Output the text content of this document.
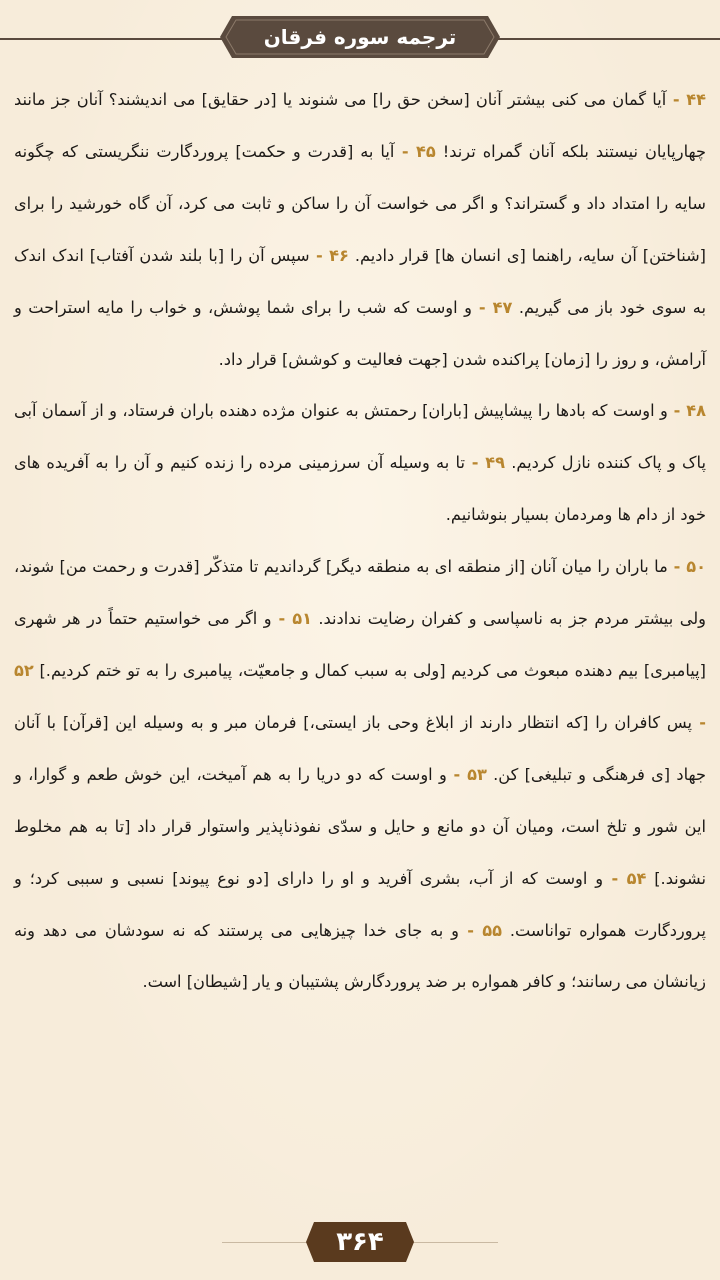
ترجمه سوره فرقان

۴۴ - آیا گمان می کنی بیشتر آنان [سخن حق را] می شنوند یا [در حقایق] می اندیشند؟ آنان جز مانند چهارپایان نیستند بلکه آنان گمراه ترند! ۴۵ - آیا به [قدرت و حکمت] پروردگارت ننگریستی که چگونه سایه را امتداد داد و گستراند؟ و اگر می خواست آن را ساکن و ثابت می کرد، آن گاه خورشید را برای [شناختن] آن سایه، راهنما [ی انسان ها] قرار دادیم. ۴۶ - سپس آن را [با بلند شدن آفتاب] اندک اندک به سوی خود باز می گیریم. ۴۷ - و اوست که شب را برای شما پوشش، و خواب را مایه استراحت و آرامش، و روز را [زمان] پراکنده شدن [جهت فعالیت و کوشش] قرار داد.

۴۸ - و اوست که بادها را پیشاپیش [باران] رحمتش به عنوان مژده دهنده باران فرستاد، و از آسمان آبی پاک و پاک کننده نازل کردیم. ۴۹ - تا به وسیله آن سرزمینی مرده را زنده کنیم و آن را به آفریده های خود از دام ها ومردمان بسیار بنوشانیم.

۵۰ - ما باران را میان آنان [از منطقه ای به منطقه دیگر] گرداندیم تا متذکّر [قدرت و رحمت من] شوند، ولی بیشتر مردم جز به ناسپاسی و کفران رضایت ندادند. ۵۱ - و اگر می خواستیم حتماً در هر شهری [پیامبری] بیم دهنده مبعوث می کردیم [ولی به سبب کمال و جامعیّت، پیامبری را به تو ختم کردیم.] ۵۲ - پس کافران را [که انتظار دارند از ابلاغ وحی باز ایستی،] فرمان مبر و به وسیله این [قرآن] با آنان جهاد [ی فرهنگی و تبلیغی] کن. ۵۳ - و اوست که دو دریا را به هم آمیخت، این خوش طعم و گوارا، و این شور و تلخ است، ومیان آن دو مانع و حایل و سدّی نفوذناپذیر واستوار قرار داد [تا به هم مخلوط نشوند.] ۵۴ - و اوست که از آب، بشری آفرید و او را دارای [دو نوع پیوند] نسبی و سببی کرد؛ و پروردگارت همواره تواناست. ۵۵ - و به جای خدا چیزهایی می پرستند که نه سودشان می دهد ونه زیانشان می رسانند؛ و کافر همواره بر ضد پروردگارش پشتیبان و یار [شیطان] است.

۳۶۴
